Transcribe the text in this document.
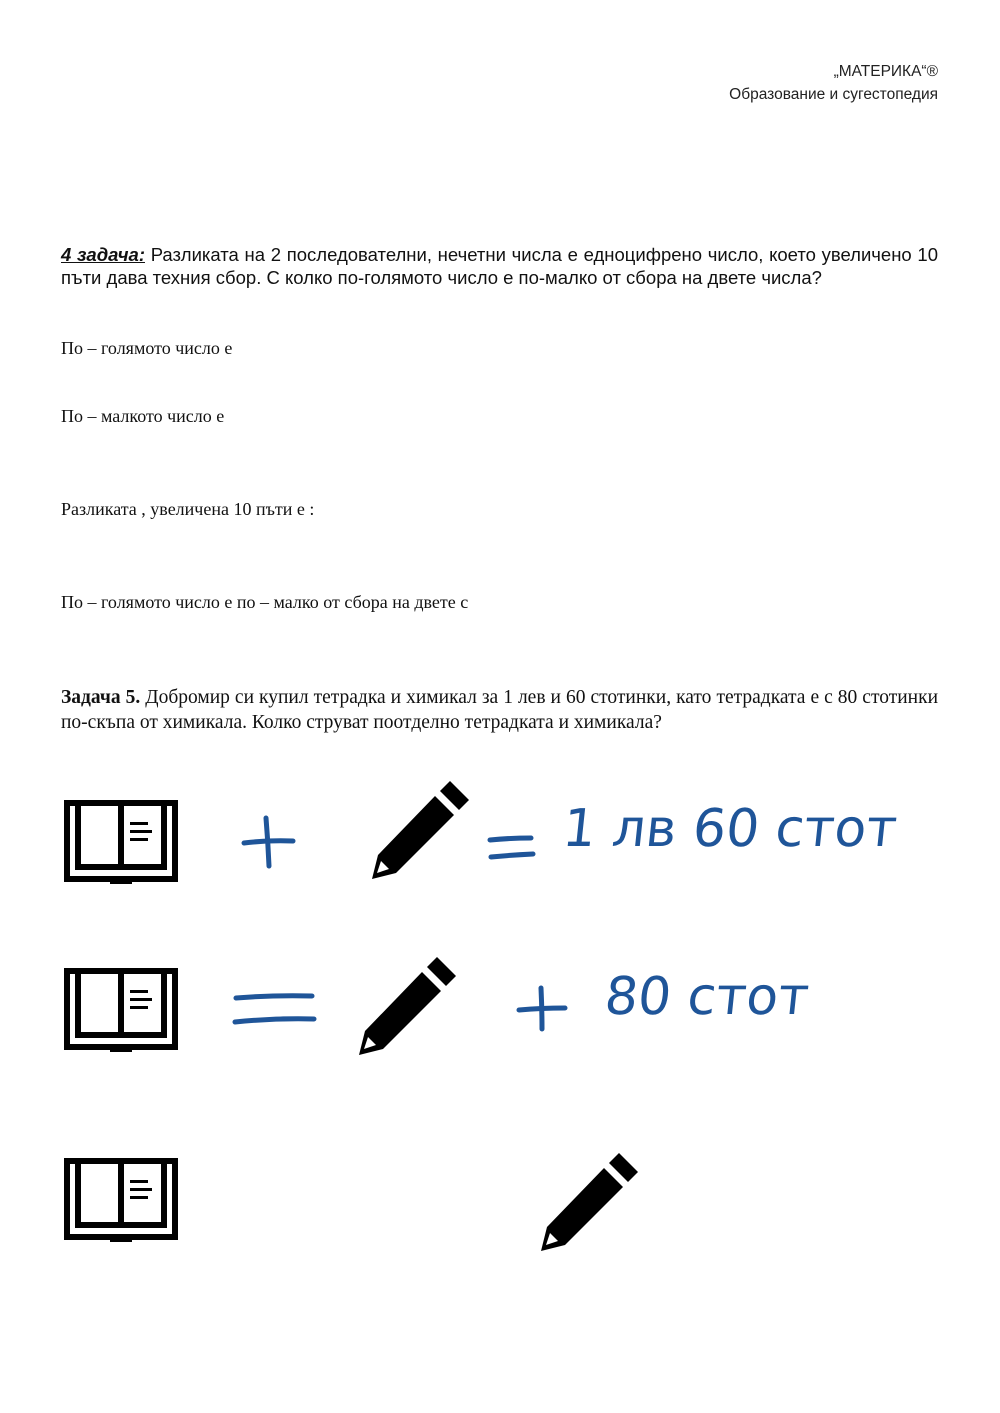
„МАТЕРИКА“®
Образование и сугестопедия
4 задача: Разликата на 2 последователни, нечетни числа е едноцифрено число, което увеличено 10 пъти дава техния сбор. С колко по-голямото число е по-малко от сбора на двете числа?
По – голямото число е
По – малкото число е
Разликата , увеличена 10 пъти е :
По – голямото число е по – малко от сбора на двете с
Задача 5. Добромир си купил тетрадка и химикал за 1 лев и 60 стотинки, като тетрадката е с 80 стотинки по-скъпа от химикала. Колко струват поотделно тетрадката и химикала?
1 лв 60 стот
80 стот
